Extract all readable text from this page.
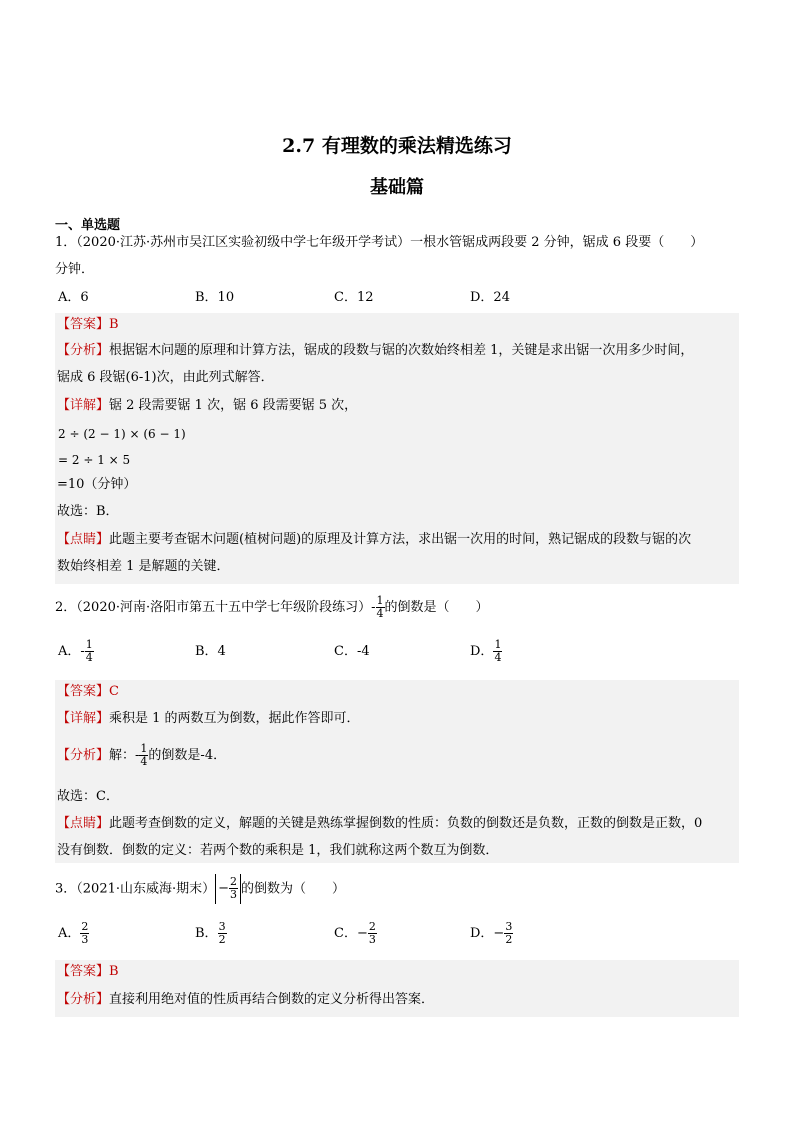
2.7 有理数的乘法精选练习
基础篇
一、单选题
1．（2020·江苏·苏州市吴江区实验初级中学七年级开学考试）一根水管锯成两段要 2 分钟，锯成 6 段要（　　）
分钟．
A．6	B．10	C．12	D．24
【答案】B
【分析】根据锯木问题的原理和计算方法，锯成的段数与锯的次数始终相差 1，关键是求出锯一次用多少时间，
锯成 6 段锯(6-1)次，由此列式解答．
【详解】锯 2 段需要锯 1 次，锯 6 段需要锯 5 次，
2 ÷ (2 − 1) × (6 − 1)
= 2 ÷ 1 × 5
=10（分钟）
故选：B．
【点睛】此题主要考查锯木问题(植树问题)的原理及计算方法，求出锯一次用的时间，熟记锯成的段数与锯的次
数始终相差 1 是解题的关键．
2．（2020·河南·洛阳市第五十五中学七年级阶段练习）- $\frac{1}{4}$ 的倒数是（　　）
A．- $\frac{1}{4}$	B．4	C．-4	D． $\frac{1}{4}$
【答案】C
【详解】乘积是 1 的两数互为倒数，据此作答即可．
【分析】解：- $\frac{1}{4}$ 的倒数是-4．
故选：C．
【点睛】此题考查倒数的定义，解题的关键是熟练掌握倒数的性质：负数的倒数还是负数，正数的倒数是正数，0
没有倒数．倒数的定义：若两个数的乘积是 1，我们就称这两个数互为倒数．
3．（2021·山东威海·期末） − $\frac{2}{3}$ 的倒数为（　　）
A． $\frac{2}{3}$	B． $\frac{3}{2}$	C．− $\frac{2}{3}$	D．− $\frac{3}{2}$
【答案】B
【分析】直接利用绝对值的性质再结合倒数的定义分析得出答案．
